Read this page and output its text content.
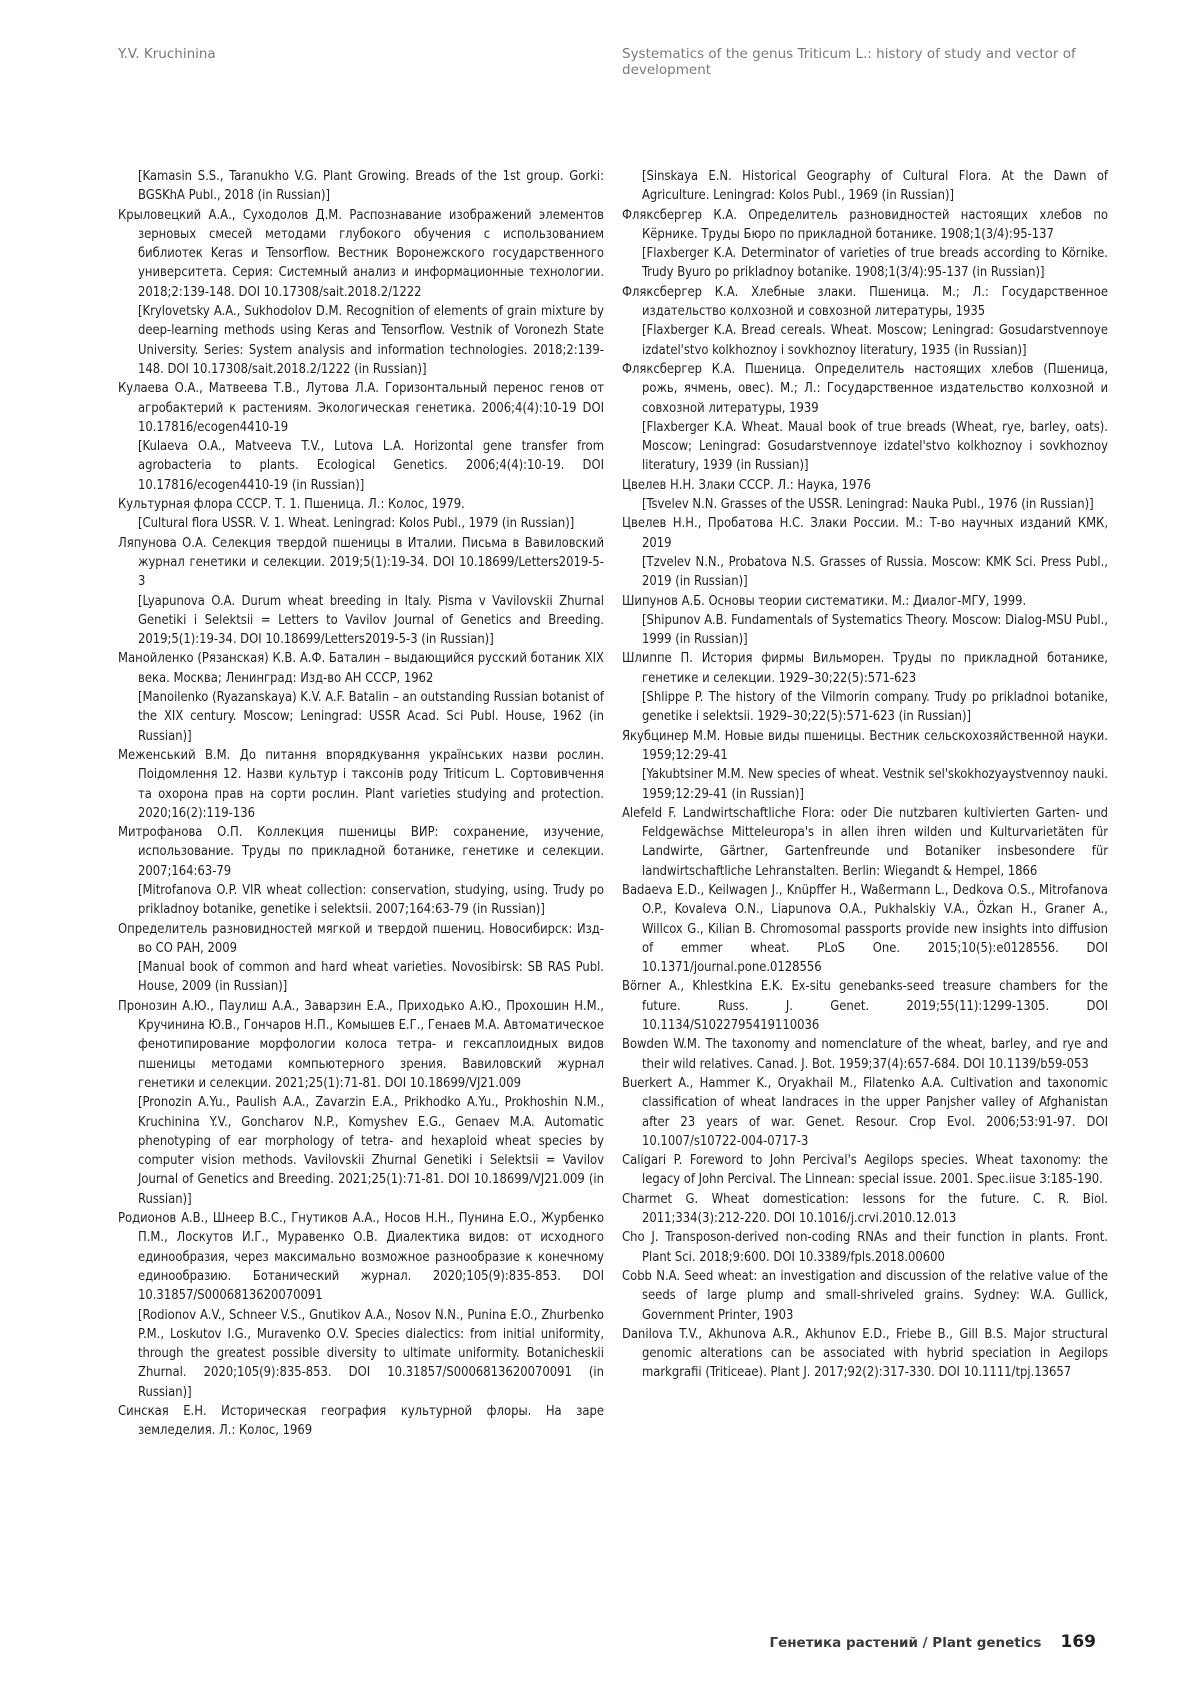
Y.V. Kruchinina	Systematics of the genus Triticum L.: history of study and vector of development
[Kamasin S.S., Taranukho V.G. Plant Growing. Breads of the 1st group. Gorki: BGSKhA Publ., 2018 (in Russian)]
Крыловецкий А.А., Суходолов Д.М. Распознавание изображений элементов зерновых смесей методами глубокого обучения с использованием библиотек Keras и Tensorflow. Вестник Воронежского государственного университета. Серия: Системный анализ и информационные технологии. 2018;2:139-148. DOI 10.17308/sait.2018.2/1222
[Krylovetsky A.A., Sukhodolov D.M. Recognition of elements of grain mixture by deep-learning methods using Keras and Tensorflow. Vestnik of Voronezh State University. Series: System analysis and information technologies. 2018;2:139-148. DOI 10.17308/sait.2018.2/1222 (in Russian)]
Кулаева О.А., Матвеева Т.В., Лутова Л.А. Горизонтальный перенос генов от агробактерий к растениям. Экологическая генетика. 2006;4(4):10-19 DOI 10.17816/ecogen4410-19
[Kulaeva O.A., Matveeva T.V., Lutova L.A. Horizontal gene transfer from agrobacteria to plants. Ecological Genetics. 2006;4(4):10-19. DOI 10.17816/ecogen4410-19 (in Russian)]
Культурная флора СССР. Т. 1. Пшеница. Л.: Колос, 1979.
[Cultural flora USSR. V. 1. Wheat. Leningrad: Kolos Publ., 1979 (in Russian)]
Ляпунова О.А. Селекция твердой пшеницы в Италии. Письма в Вавиловский журнал генетики и селекции. 2019;5(1):19-34. DOI 10.18699/Letters2019-5-3
[Lyapunova O.A. Durum wheat breeding in Italy. Pisma v Vavilovskii Zhurnal Genetiki i Selektsii = Letters to Vavilov Journal of Genetics and Breeding. 2019;5(1):19-34. DOI 10.18699/Letters2019-5-3 (in Russian)]
Манойленко (Рязанская) К.В. А.Ф. Баталин – выдающийся русский ботаник XIX века. Москва; Ленинград: Изд-во АН СССР, 1962
[Manoilenko (Ryazanskaya) K.V. A.F. Batalin – an outstanding Russian botanist of the XIX century. Moscow; Leningrad: USSR Acad. Sci Publ. House, 1962 (in Russian)]
Меженський В.М. До питання впорядкування українських назви рослин. Поідомлення 12. Назви культур і таксонів роду Triticum L. Сортовивчення та охорона прав на сорти рослин. Plant varieties studying and protection. 2020;16(2):119-136
Митрофанова О.П. Коллекция пшеницы ВИР: сохранение, изучение, использование. Труды по прикладной ботанике, генетике и селекции. 2007;164:63-79
[Mitrofanova O.P. VIR wheat collection: conservation, studying, using. Trudy po prikladnoy botanike, genetike i selektsii. 2007;164:63-79 (in Russian)]
Определитель разновидностей мягкой и твердой пшениц. Новосибирск: Изд-во СО РАН, 2009
[Manual book of common and hard wheat varieties. Novosibirsk: SB RAS Publ. House, 2009 (in Russian)]
Пронозин А.Ю., Паулиш А.А., Заварзин Е.А., Приходько А.Ю., Прохошин Н.М., Кручинина Ю.В., Гончаров Н.П., Комышев Е.Г., Генаев М.А. Автоматическое фенотипирование морфологии колоса тетра- и гексаплоидных видов пшеницы методами компьютерного зрения. Вавиловский журнал генетики и селекции. 2021;25(1):71-81. DOI 10.18699/VJ21.009
[Pronozin A.Yu., Paulish A.A., Zavarzin E.A., Prikhodko A.Yu., Prokhoshin N.M., Kruchinina Y.V., Goncharov N.P., Komyshev E.G., Genaev M.A. Automatic phenotyping of ear morphology of tetra- and hexaploid wheat species by computer vision methods. Vavilovskii Zhurnal Genetiki i Selektsii = Vavilov Journal of Genetics and Breeding. 2021;25(1):71-81. DOI 10.18699/VJ21.009 (in Russian)]
Родионов А.В., Шнеер В.С., Гнутиков А.А., Носов Н.Н., Пунина Е.О., Журбенко П.М., Лоскутов И.Г., Муравенко О.В. Диалектика видов: от исходного единообразия, через максимально возможное разнообразие к конечному единообразию. Ботанический журнал. 2020;105(9):835-853. DOI 10.31857/S0006813620070091
[Rodionov A.V., Schneer V.S., Gnutikov A.A., Nosov N.N., Punina E.O., Zhurbenko P.M., Loskutov I.G., Muravenko O.V. Species dialectics: from initial uniformity, through the greatest possible diversity to ultimate uniformity. Botanicheskii Zhurnal. 2020;105(9):835-853. DOI 10.31857/S0006813620070091 (in Russian)]
Синская Е.Н. Историческая география культурной флоры. На заре земледелия. Л.: Колос, 1969
[Sinskaya E.N. Historical Geography of Cultural Flora. At the Dawn of Agriculture. Leningrad: Kolos Publ., 1969 (in Russian)]
Фляксбергер К.А. Определитель разновидностей настоящих хлебов по Кёрнике. Труды Бюро по прикладной ботанике. 1908;1(3/4):95-137
[Flaxberger K.A. Determinator of varieties of true breads according to Körnike. Trudy Byuro po prikladnoy botanike. 1908;1(3/4):95-137 (in Russian)]
Фляксбергер К.А. Хлебные злаки. Пшеница. М.; Л.: Государственное издательство колхозной и совхозной литературы, 1935
[Flaxberger K.A. Bread cereals. Wheat. Moscow; Leningrad: Gosudarstvennoye izdatel'stvo kolkhoznoy i sovkhoznoy literatury, 1935 (in Russian)]
Фляксбергер К.А. Пшеница. Определитель настоящих хлебов (Пшеница, рожь, ячмень, овес). М.; Л.: Государственное издательство колхозной и совхозной литературы, 1939
[Flaxberger K.A. Wheat. Maual book of true breads (Wheat, rye, barley, oats). Moscow; Leningrad: Gosudarstvennoye izdatel'stvo kolkhoznoy i sovkhoznoy literatury, 1939 (in Russian)]
Цвелев Н.Н. Злаки СССР. Л.: Наука, 1976
[Tsvelev N.N. Grasses of the USSR. Leningrad: Nauka Publ., 1976 (in Russian)]
Цвелев Н.Н., Пробатова Н.С. Злаки России. М.: Т-во научных изданий КМК, 2019
[Tzvelev N.N., Probatova N.S. Grasses of Russia. Moscow: KMK Sci. Press Publ., 2019 (in Russian)]
Шипунов А.Б. Основы теории систематики. М.: Диалог-МГУ, 1999.
[Shipunov A.B. Fundamentals of Systematics Theory. Moscow: Dialog-MSU Publ., 1999 (in Russian)]
Шлиппе П. История фирмы Вильморен. Труды по прикладной ботанике, генетике и селекции. 1929–30;22(5):571-623
[Shlippe P. The history of the Vilmorin company. Trudy po prikladnoi botanike, genetike i selektsii. 1929–30;22(5):571-623 (in Russian)]
Якубцинер М.М. Новые виды пшеницы. Вестник сельскохозяйственной науки. 1959;12:29-41
[Yakubtsiner M.M. New species of wheat. Vestnik sel'skokhozyaystvennoy nauki. 1959;12:29-41 (in Russian)]
Alefeld F. Landwirtschaftliche Flora: oder Die nutzbaren kultivierten Garten- und Feldgewächse Mitteleuropa's in allen ihren wilden und Kulturvarietäten für Landwirte, Gärtner, Gartenfreunde und Botaniker insbesondere für landwirtschaftliche Lehranstalten. Berlin: Wiegandt & Hempel, 1866
Badaeva E.D., Keilwagen J., Knüpffer H., Waßermann L., Dedkova O.S., Mitrofanova O.P., Kovaleva O.N., Liapunova O.A., Pukhalskiy V.A., Özkan H., Graner A., Willcox G., Kilian B. Chromosomal passports provide new insights into diffusion of emmer wheat. PLoS One. 2015;10(5):e0128556. DOI 10.1371/journal.pone.0128556
Börner A., Khlestkina E.K. Ex-situ genebanks-seed treasure chambers for the future. Russ. J. Genet. 2019;55(11):1299-1305. DOI 10.1134/S1022795419110036
Bowden W.M. The taxonomy and nomenclature of the wheat, barley, and rye and their wild relatives. Canad. J. Bot. 1959;37(4):657-684. DOI 10.1139/b59-053
Buerkert A., Hammer K., Oryakhail M., Filatenko A.A. Cultivation and taxonomic classification of wheat landraces in the upper Panjsher valley of Afghanistan after 23 years of war. Genet. Resour. Crop Evol. 2006;53:91-97. DOI 10.1007/s10722-004-0717-3
Caligari P. Foreword to John Percival's Aegilops species. Wheat taxonomy: the legacy of John Percival. The Linnean: special issue. 2001. Spec.iisue 3:185-190.
Charmet G. Wheat domestication: lessons for the future. C. R. Biol. 2011;334(3):212-220. DOI 10.1016/j.crvi.2010.12.013
Cho J. Transposon-derived non-coding RNAs and their function in plants. Front. Plant Sci. 2018;9:600. DOI 10.3389/fpls.2018.00600
Cobb N.A. Seed wheat: an investigation and discussion of the relative value of the seeds of large plump and small-shriveled grains. Sydney: W.A. Gullick, Government Printer, 1903
Danilova T.V., Akhunova A.R., Akhunov E.D., Friebe B., Gill B.S. Major structural genomic alterations can be associated with hybrid speciation in Aegilops markgrafii (Triticeae). Plant J. 2017;92(2):317-330. DOI 10.1111/tpj.13657
Генетика растений / Plant genetics 169
